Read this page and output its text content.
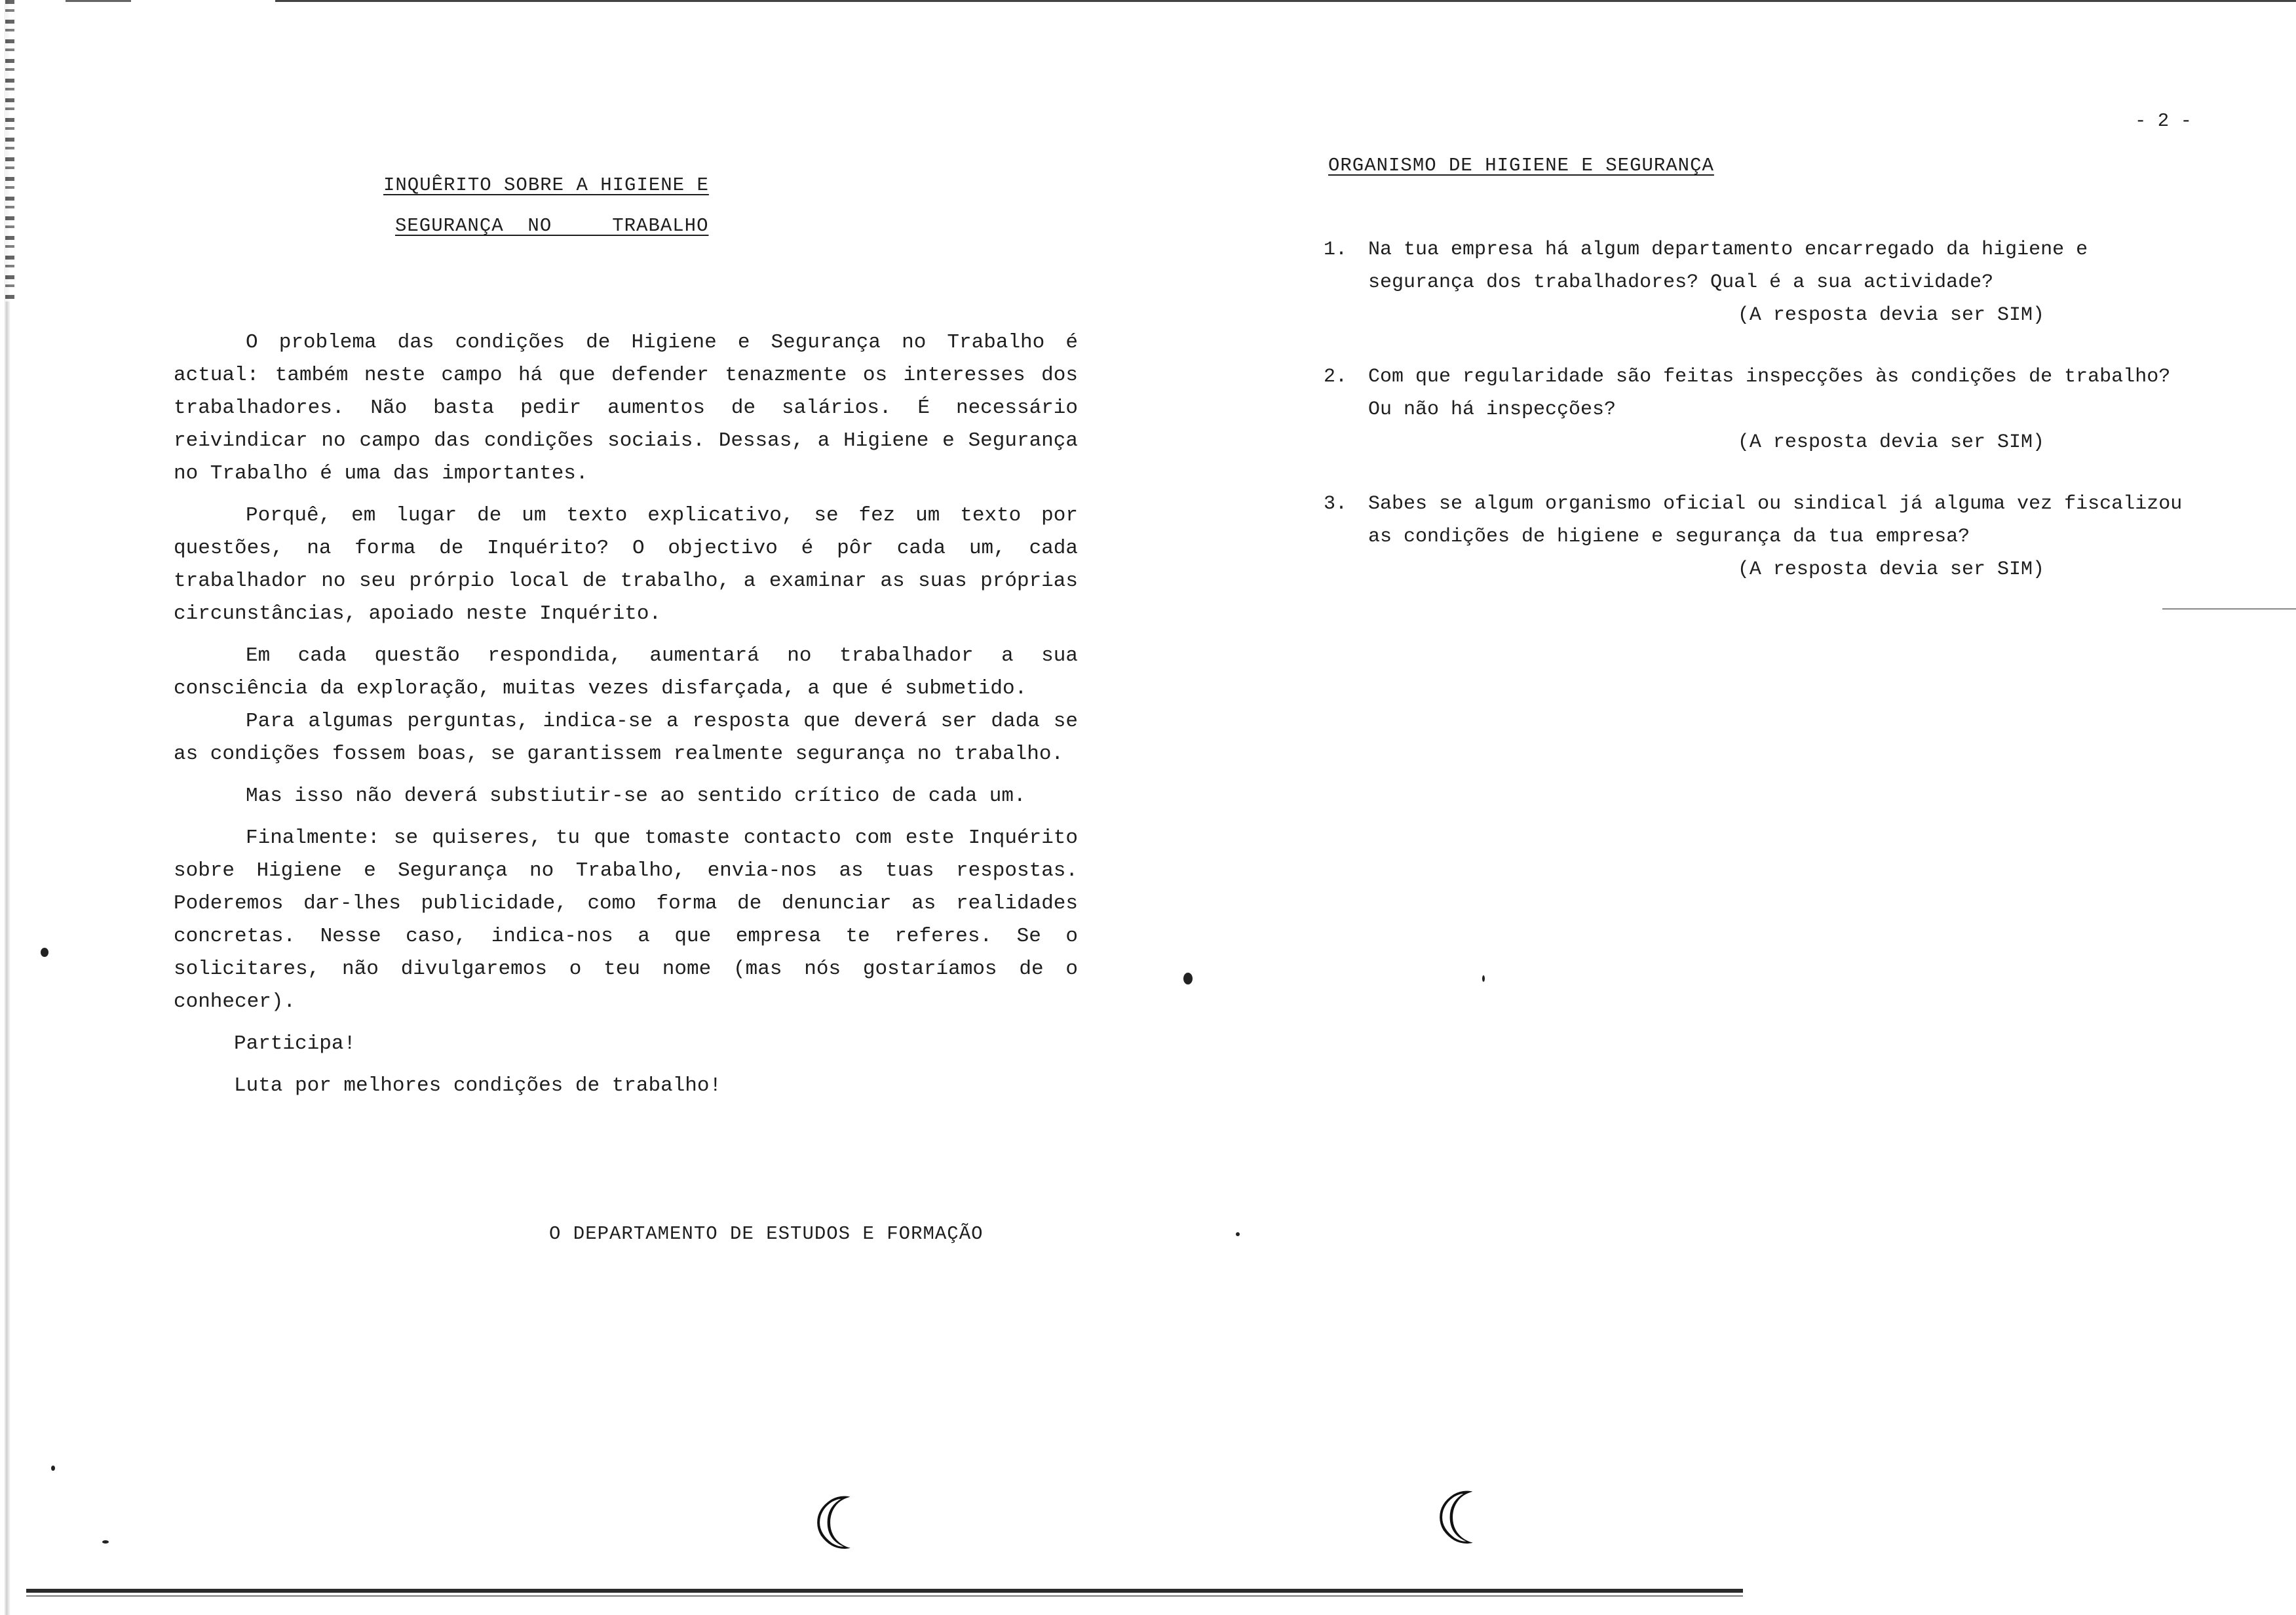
INQUÊRITO SOBRE A HIGIENE E
SEGURANÇA  NO     TRABALHO

O problema das condições de Higiene e Segurança no Trabalho é actual: também neste campo há que defender tenazmente os interesses dos trabalhadores. Não basta pedir aumentos de salários. É necessário reivindicar no campo das condições sociais. Dessas, a Higiene e Segurança no Trabalho é uma das importantes.

Porquê, em lugar de um texto explicativo, se fez um texto por questões, na forma de Inquérito? O objectivo é pôr cada um, cada trabalhador no seu prórpio local de trabalho, a examinar as suas próprias circunstâncias, apoiado neste Inquérito.

Em cada questão respondida, aumentará no trabalhador a sua consciência da exploração, muitas vezes disfarçada, a que é submetido.

Para algumas perguntas, indica-se a resposta que deverá ser dada se as condições fossem boas, se garantissem realmente segurança no trabalho.

Mas isso não deverá substiutir-se ao sentido crítico de cada um.

Finalmente: se quiseres, tu que tomaste contacto com este Inquérito sobre Higiene e Segurança no Trabalho, envia-nos as tuas respostas. Poderemos dar-lhes publicidade, como forma de denunciar as realidades concretas. Nesse caso, indica-nos a que empresa te referes. Se o solicitares, não divulgaremos o teu nome (mas nós gostaríamos de o conhecer).

Participa!

Luta por melhores condições de trabalho!

O DEPARTAMENTO DE ESTUDOS E FORMAÇÃO
- 2 -
ORGANISMO DE HIGIENE E SEGURANÇA
1. Na tua empresa há algum departamento encarregado da higiene e segurança dos trabalhadores? Qual é a sua actividade?
(A resposta devia ser SIM)
2. Com que regularidade são feitas inspecções às condições de trabalho? Ou não há inspecções?
(A resposta devia ser SIM)
3. Sabes se algum organismo oficial ou sindical já alguma vez fiscalizou as condições de higiene e segurança da tua empresa?
(A resposta devia ser SIM)
☾	☾
